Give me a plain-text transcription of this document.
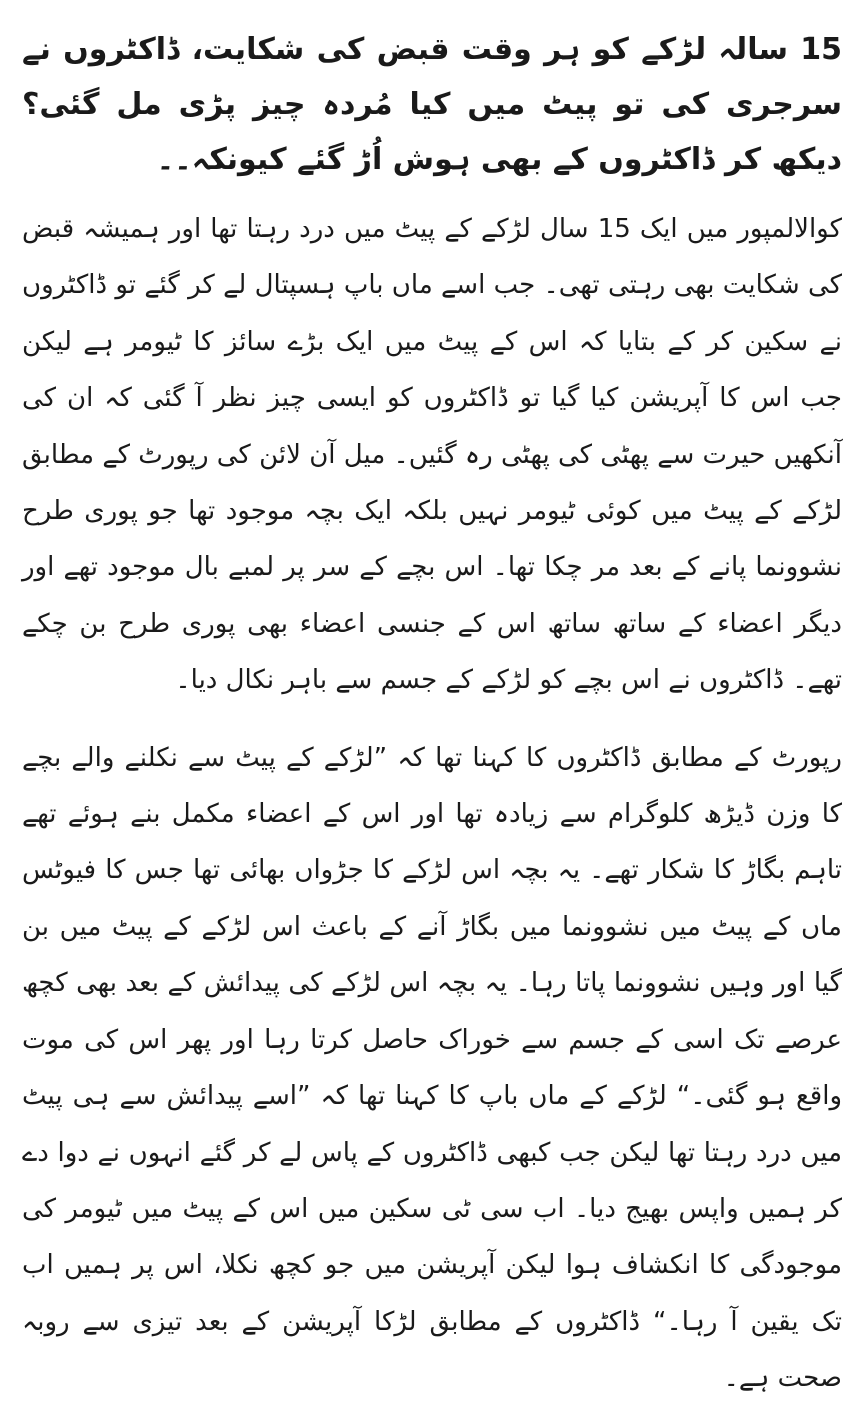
15 سالہ لڑکے کو ہر وقت قبض کی شکایت، ڈاکٹروں نے سرجری کی تو پیٹ میں کیا مُردہ چیز پڑی مل گئی؟ دیکھ کر ڈاکٹروں کے بھی ہوش اُڑ گئے کیونکہ۔۔

کوالالمپور میں ایک 15 سال لڑکے کے پیٹ میں درد رہتا تھا اور ہمیشہ قبض کی شکایت بھی رہتی تھی۔ جب اسے ماں باپ ہسپتال لے کر گئے تو ڈاکٹروں نے سکین کر کے بتایا کہ اس کے پیٹ میں ایک بڑے سائز کا ٹیومر ہے لیکن جب اس کا آپریشن کیا گیا تو ڈاکٹروں کو ایسی چیز نظر آ گئی کہ ان کی آنکھیں حیرت سے پھٹی کی پھٹی رہ گئیں۔ میل آن لائن کی رپورٹ کے مطابق لڑکے کے پیٹ میں کوئی ٹیومر نہیں بلکہ ایک بچہ موجود تھا جو پوری طرح نشوونما پانے کے بعد مر چکا تھا۔ اس بچے کے سر پر لمبے بال موجود تھے اور دیگر اعضاء کے ساتھ ساتھ اس کے جنسی اعضاء بھی پوری طرح بن چکے تھے۔ ڈاکٹروں نے اس بچے کو لڑکے کے جسم سے باہر نکال دیا۔

رپورٹ کے مطابق ڈاکٹروں کا کہنا تھا کہ ”لڑکے کے پیٹ سے نکلنے والے بچے کا وزن ڈیڑھ کلوگرام سے زیادہ تھا اور اس کے اعضاء مکمل بنے ہوئے تھے تاہم بگاڑ کا شکار تھے۔ یہ بچہ اس لڑکے کا جڑواں بھائی تھا جس کا فیوٹس ماں کے پیٹ میں نشوونما میں بگاڑ آنے کے باعث اس لڑکے کے پیٹ میں بن گیا اور وہیں نشوونما پاتا رہا۔ یہ بچہ اس لڑکے کی پیدائش کے بعد بھی کچھ عرصے تک اسی کے جسم سے خوراک حاصل کرتا رہا اور پھر اس کی موت واقع ہو گئی۔“ لڑکے کے ماں باپ کا کہنا تھا کہ ”اسے پیدائش سے ہی پیٹ میں درد رہتا تھا لیکن جب کبھی ڈاکٹروں کے پاس لے کر گئے انہوں نے دوا دے کر ہمیں واپس بھیج دیا۔ اب سی ٹی سکین میں اس کے پیٹ میں ٹیومر کی موجودگی کا انکشاف ہوا لیکن آپریشن میں جو کچھ نکلا، اس پر ہمیں اب تک یقین آ رہا۔“ ڈاکٹروں کے مطابق لڑکا آپریشن کے بعد تیزی سے روبہ صحت ہے۔
